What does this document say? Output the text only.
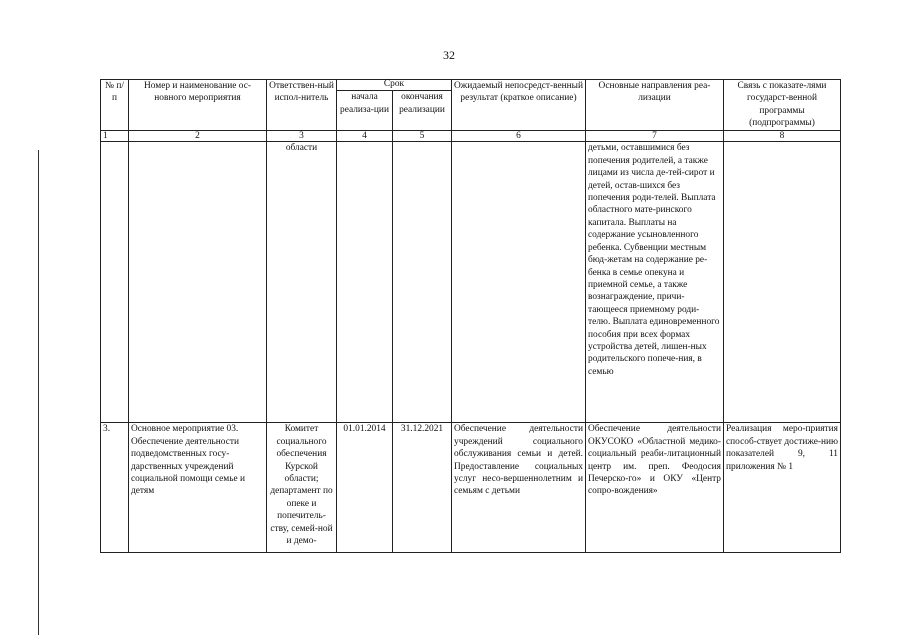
32
№ п/п	Номер и наименование ос-новного мероприятия	Ответствен-ный испол-нитель	Срок		Ожидаемый непосредст-венный результат (краткое описание)	Основные направления реа-лизации	Связь с показате-лями государст-венной программы (подпрограммы)
			начала реализа-ции	окончания реализации			
1	2	3	4	5	6	7	8
		области				детьми, оставшимися без попечения родителей, а также лицами из числа де-тей-сирот и детей, остав-шихся без попечения роди-телей. Выплата областного мате-ринского капитала. Выплаты на содержание усыновленного ребенка. Субвенции местным бюд-жетам на содержание ре-бенка в семье опекуна и приемной семье, а также вознаграждение, причи-тающееся приемному роди-телю. Выплата единовременного пособия при всех формах устройства детей, лишен-ных родительского попече-ния, в семью	
3.	Основное мероприятие 03. Обеспечение деятельности подведомственных госу-дарственных учреждений социальной помощи семье и детям	Комитет социального обеспечения Курской области; департамент по опеке и попечитель-ству, семей-ной и демо-	01.01.2014	31.12.2021	Обеспечение деятельности учреждений социального обслуживания семьи и детей. Предоставление социальных услуг несо-вершеннолетним и семьям с детьми	Обеспечение деятельности ОКУСОКО «Областной медико-социальный реаби-литационный центр им. преп. Феодосия Печерско-го» и ОКУ «Центр сопро-вождения»	Реализация меро-приятия способ-ствует достиже-нию показателей 9, 11 приложения № 1
